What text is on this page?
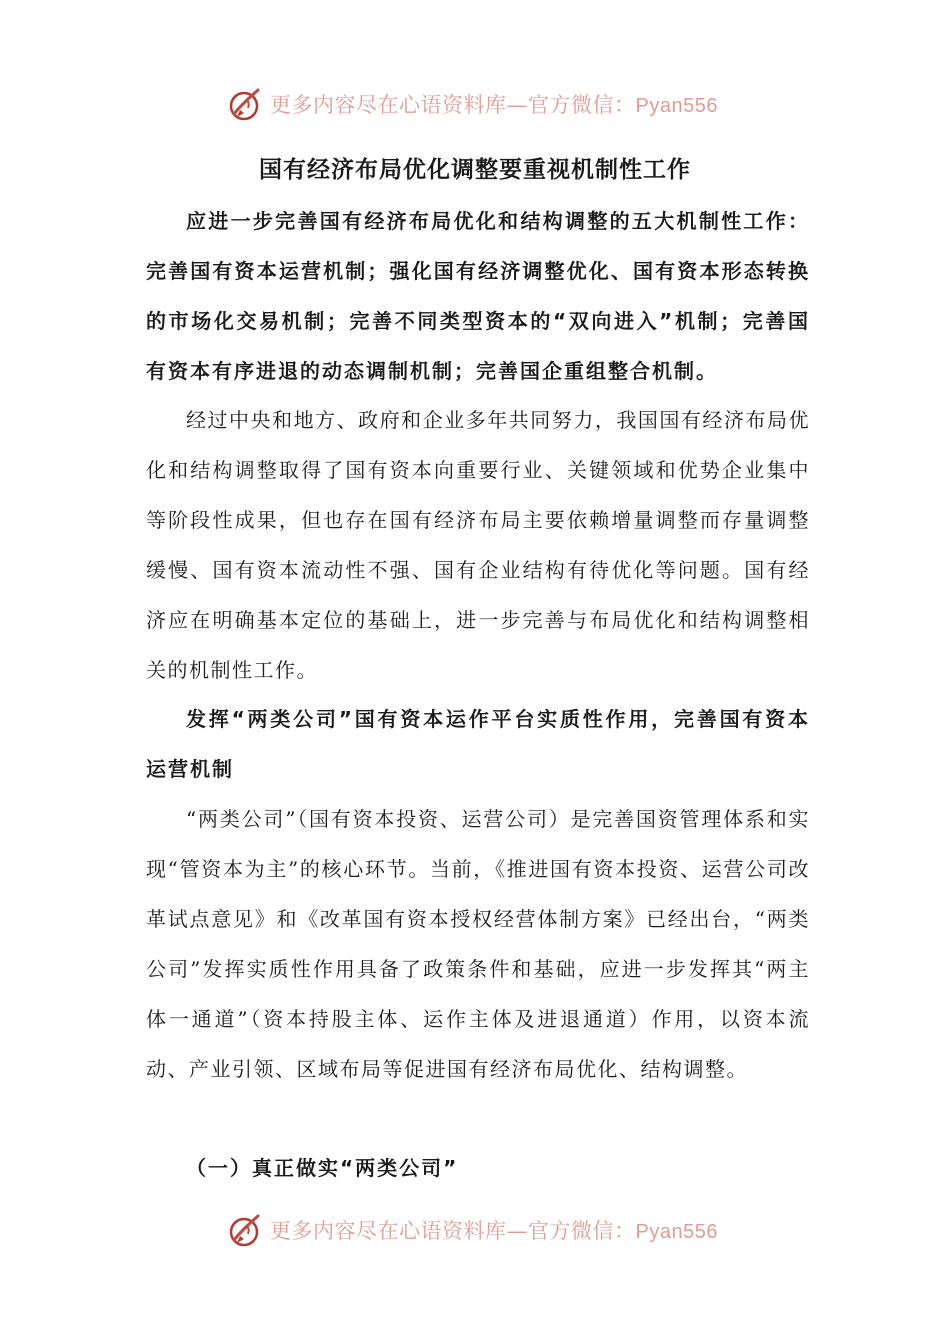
更多内容尽在心语资料库—官方微信：Pyan556
国有经济布局优化调整要重视机制性工作

应进一步完善国有经济布局优化和结构调整的五大机制性工作：完善国有资本运营机制；强化国有经济调整优化、国有资本形态转换的市场化交易机制；完善不同类型资本的“双向进入”机制；完善国有资本有序进退的动态调制机制；完善国企重组整合机制。

经过中央和地方、政府和企业多年共同努力，我国国有经济布局优化和结构调整取得了国有资本向重要行业、关键领域和优势企业集中等阶段性成果，但也存在国有经济布局主要依赖增量调整而存量调整缓慢、国有资本流动性不强、国有企业结构有待优化等问题。国有经济应在明确基本定位的基础上，进一步完善与布局优化和结构调整相关的机制性工作。

发挥“两类公司”国有资本运作平台实质性作用，完善国有资本运营机制

“两类公司”（国有资本投资、运营公司）是完善国资管理体系和实现“管资本为主”的核心环节。当前，《推进国有资本投资、运营公司改革试点意见》和《改革国有资本授权经营体制方案》已经出台，“两类公司”发挥实质性作用具备了政策条件和基础，应进一步发挥其“两主体一通道”（资本持股主体、运作主体及进退通道）作用，以资本流动、产业引领、区域布局等促进国有经济布局优化、结构调整。

（一）真正做实“两类公司”

更多内容尽在心语资料库—官方微信：Pyan556
